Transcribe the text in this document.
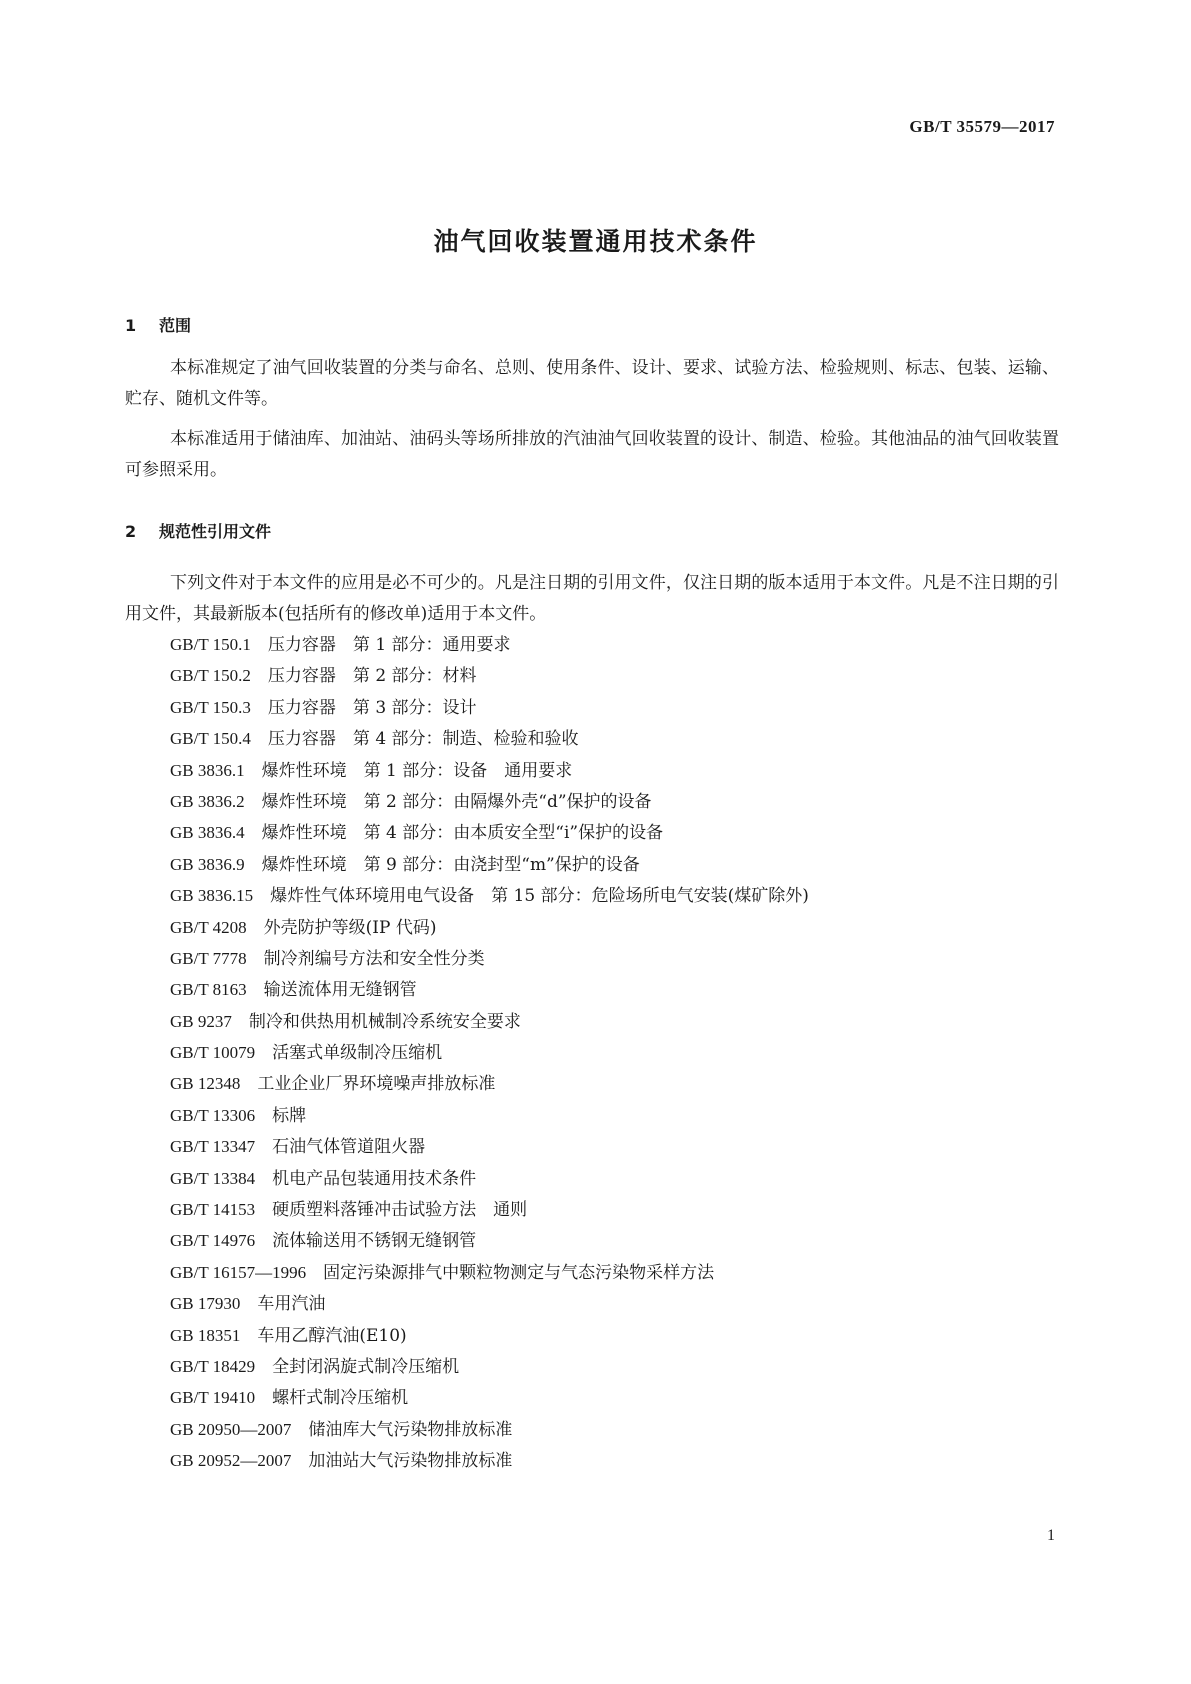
GB/T 35579—2017
油气回收装置通用技术条件
1 范围

本标准规定了油气回收装置的分类与命名、总则、使用条件、设计、要求、试验方法、检验规则、标志、包装、运输、贮存、随机文件等。

本标准适用于储油库、加油站、油码头等场所排放的汽油油气回收装置的设计、制造、检验。其他油品的油气回收装置可参照采用。

2 规范性引用文件

下列文件对于本文件的应用是必不可少的。凡是注日期的引用文件，仅注日期的版本适用于本文件。凡是不注日期的引用文件，其最新版本(包括所有的修改单)适用于本文件。

GB/T 150.1 压力容器　第 1 部分：通用要求
GB/T 150.2 压力容器　第 2 部分：材料
GB/T 150.3 压力容器　第 3 部分：设计
GB/T 150.4 压力容器　第 4 部分：制造、检验和验收
GB 3836.1 爆炸性环境　第 1 部分：设备　通用要求
GB 3836.2 爆炸性环境　第 2 部分：由隔爆外壳“d”保护的设备
GB 3836.4 爆炸性环境　第 4 部分：由本质安全型“i”保护的设备
GB 3836.9 爆炸性环境　第 9 部分：由浇封型“m”保护的设备
GB 3836.15 爆炸性气体环境用电气设备　第 15 部分：危险场所电气安装(煤矿除外)
GB/T 4208 外壳防护等级(IP 代码)
GB/T 7778 制冷剂编号方法和安全性分类
GB/T 8163 输送流体用无缝钢管
GB 9237 制冷和供热用机械制冷系统安全要求
GB/T 10079 活塞式单级制冷压缩机
GB 12348 工业企业厂界环境噪声排放标准
GB/T 13306 标牌
GB/T 13347 石油气体管道阻火器
GB/T 13384 机电产品包装通用技术条件
GB/T 14153 硬质塑料落锤冲击试验方法　通则
GB/T 14976 流体输送用不锈钢无缝钢管
GB/T 16157—1996 固定污染源排气中颗粒物测定与气态污染物采样方法
GB 17930 车用汽油
GB 18351 车用乙醇汽油(E10)
GB/T 18429 全封闭涡旋式制冷压缩机
GB/T 19410 螺杆式制冷压缩机
GB 20950—2007 储油库大气污染物排放标准
GB 20952—2007 加油站大气污染物排放标准
1
